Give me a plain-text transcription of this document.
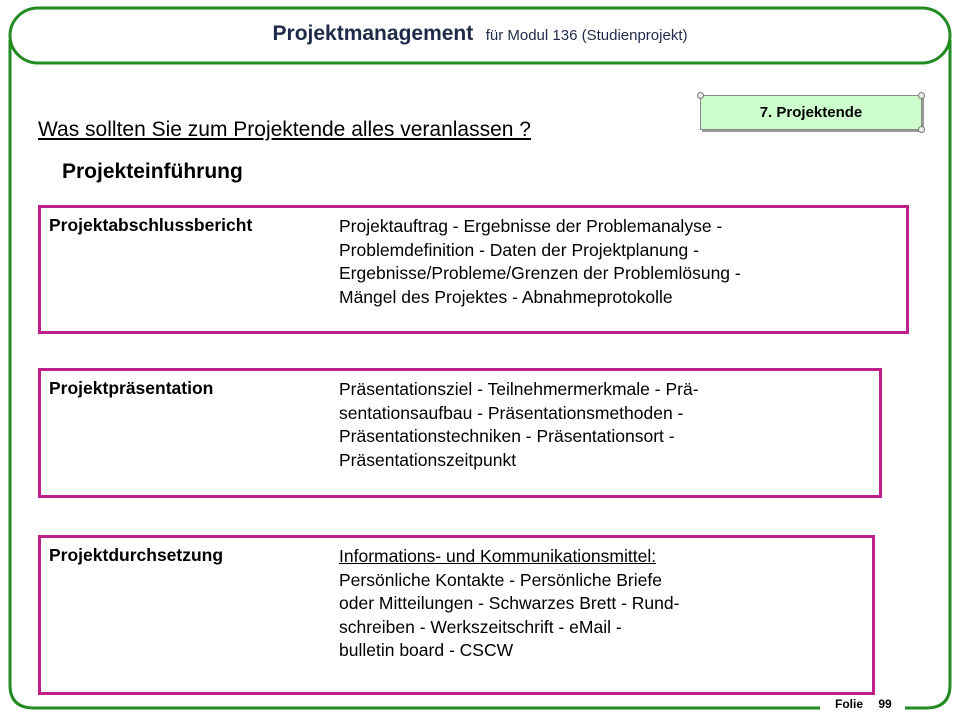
Projektmanagement für Modul 136 (Studienprojekt)
7. Projektende
Was sollten Sie zum Projektende alles veranlassen ?
Projekteinführung
Projektabschlussbericht	Projektauftrag - Ergebnisse der Problemanalyse -
Problemdefinition - Daten der Projektplanung -
Ergebnisse/Probleme/Grenzen der Problemlösung -
Mängel des Projektes - Abnahmeprotokolle
Projektpräsentation	Präsentationsziel - Teilnehmermerkmale - Prä-
sentationsaufbau - Präsentationsmethoden -
Präsentationstechniken - Präsentationsort -
Präsentationszeitpunkt
Projektdurchsetzung	Informations- und Kommunikationsmittel:
Persönliche Kontakte - Persönliche Briefe
oder Mitteilungen - Schwarzes Brett - Rund-
schreiben - Werkszeitschrift - eMail -
bulletin board - CSCW
Folie 99
